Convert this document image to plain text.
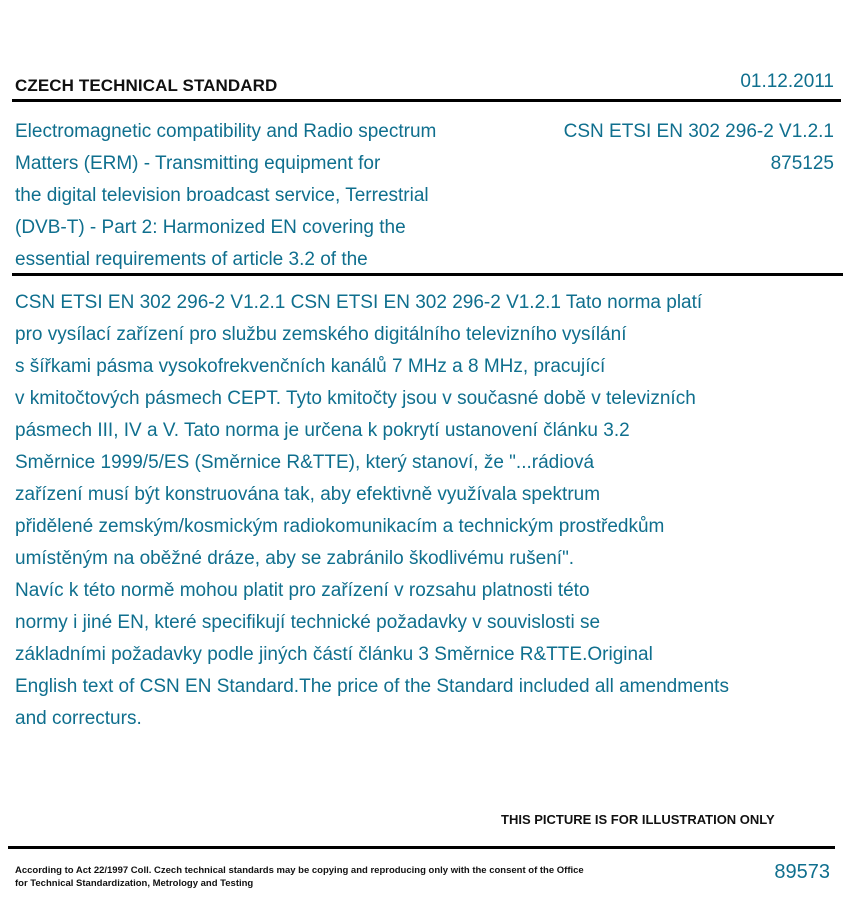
CZECH TECHNICAL STANDARD	01.12.2011
Electromagnetic compatibility and Radio spectrum
Matters (ERM) - Transmitting equipment for
the digital television broadcast service, Terrestrial
(DVB-T) - Part 2: Harmonized EN covering the
essential requirements of article 3.2 of the
CSN ETSI EN 302 296-2 V1.2.1
875125
CSN ETSI EN 302 296-2 V1.2.1 CSN ETSI EN 302 296-2 V1.2.1 Tato norma platí
pro vysílací zařízení pro službu zemského digitálního televizního vysílání
s šířkami pásma vysokofrekvenčních kanálů 7 MHz a 8 MHz, pracující
v kmitočtových pásmech CEPT. Tyto kmitočty jsou v současné době v televizních
pásmech III, IV a V. Tato norma je určena k pokrytí ustanovení článku 3.2
Směrnice 1999/5/ES (Směrnice R&TTE), který stanoví, že "...rádiová
zařízení musí být konstruována tak, aby efektivně využívala spektrum
přidělené zemským/kosmickým radiokomunikacím a technickým prostředkům
umístěným na oběžné dráze, aby se zabránilo škodlivému rušení".
Navíc k této normě mohou platit pro zařízení v rozsahu platnosti této
normy i jiné EN, které specifikují technické požadavky v souvislosti se
základními požadavky podle jiných částí článku 3 Směrnice R&TTE.Original
English text of CSN EN Standard.The price of the Standard included all amendments
and correcturs.
THIS PICTURE IS FOR ILLUSTRATION ONLY
According to Act 22/1997 Coll. Czech technical standards may be copying and reproducing only with the consent of the Office
for Technical Standardization, Metrology and Testing
89573
